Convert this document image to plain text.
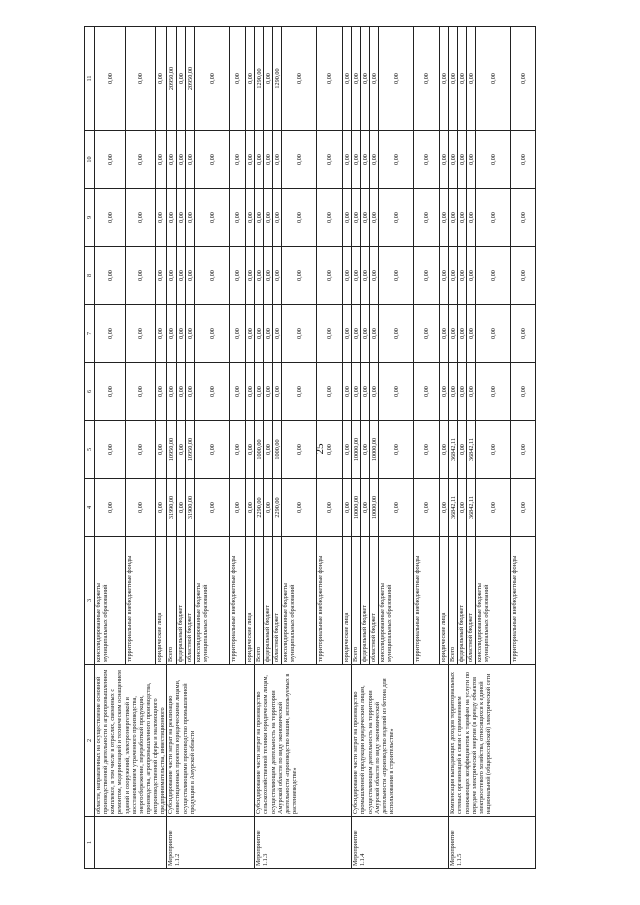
25
1	2	3	4	5	6	7	8	9	10	11
	области, направленных на осуществление основной производственной деятельности в агропромышленном комплексе, в том числе в отраслях, связанных с ремонтом, модернизацией и техническим оснащением зданий и сооружений, электроэнергетикой и восстановлением утраченного производства, энергосбережение, переработкой продукции, производства, агропромышленного производства, непроизводственной сферы и маломощного предпринимательства, инвестиционного	консолидированные бюджеты муниципальных образований	0,00	0,00	0,00	0,00	0,00	0,00	0,00	0,00
		территориальные внебюджетные фонды	0,00	0,00	0,00	0,00	0,00	0,00	0,00	0,00
		юридические лица	0,00	0,00	0,00	0,00	0,00	0,00	0,00	0,00
Мероприятие 1.1.2	Субсидирование части затрат на реализацию инвестиционных проектов юридическими лицами, осуществляющими производство промышленной продукции в Амурской области	Всего	31990,00	10950,00	0,00	0,00	0,00	0,00	0,00	20950,00
		федеральный бюджет	0,00	0,00	0,00	0,00	0,00	0,00	0,00	0,00
		областной бюджет	31900,00	10950,00	0,00	0,00	0,00	0,00	0,00	20950,00
		консолидированные бюджеты муниципальных образований	0,00	0,00	0,00	0,00	0,00	0,00	0,00	0,00
		территориальные внебюджетные фонды	0,00	0,00	0,00	0,00	0,00	0,00	0,00	0,00
		юридические лица	0,00	0,00	0,00	0,00	0,00	0,00	0,00	0,00
Мероприятие 1.1.3	Субсидирование части затрат на производство сельскохозяйственной техники юридическим лицам, осуществляющим деятельность на территории Амурской области по виду экономической деятельности «производство машин, используемых в растениеводстве»	Всего	2290,00	1000,00	0,00	0,00	0,00	0,00	0,00	1290,00
		федеральный бюджет	0,00	0,00	0,00	0,00	0,00	0,00	0,00	0,00
		областной бюджет	2290,00	1000,00	0,00	0,00	0,00	0,00	0,00	1290,00
		консолидированные бюджеты муниципальных образований	0,00	0,00	0,00	0,00	0,00	0,00	0,00	0,00
		территориальные внебюджетные фонды	0,00	0,00	0,00	0,00	0,00	0,00	0,00	0,00
		юридические лица	0,00	0,00	0,00	0,00	0,00	0,00	0,00	0,00
Мероприятие 1.1.4	Субсидирование части затрат на производство промышленной продукции юридическим лицам, осуществляющим деятельность на территории Амурской области по виду экономической деятельности «производство изделий из бетона для использования в строительстве»	Всего	10000,00	10000,00	0,00	0,00	0,00	0,00	0,00	0,00
		федеральный бюджет	0,00	0,00	0,00	0,00	0,00	0,00	0,00	0,00
		областной бюджет	10000,00	10000,00	0,00	0,00	0,00	0,00	0,00	0,00
		консолидированные бюджеты муниципальных образований	0,00	0,00	0,00	0,00	0,00	0,00	0,00	0,00
		территориальные внебюджетные фонды	0,00	0,00	0,00	0,00	0,00	0,00	0,00	0,00
		юридические лица	0,00	0,00	0,00	0,00	0,00	0,00	0,00	0,00
Мероприятие 1.1.5	Компенсация выпадающих доходов территориальных сетевых организаций в связи с применением понижающих коэффициентов к тарифам на услуги по передаче электрической энергии (в аренду объектов электросетевого хозяйства, относящихся к единой национальной (общероссийской) электрической сети	Всего	36842,11	36842,11	0,00	0,00	0,00	0,00	0,00	0,00
		федеральный бюджет	0,00	0,00	0,00	0,00	0,00	0,00	0,00	0,00
		областной бюджет	36842,11	36842,11	0,00	0,00	0,00	0,00	0,00	0,00
		консолидированные бюджеты муниципальных образований	0,00	0,00	0,00	0,00	0,00	0,00	0,00	0,00
		территориальные внебюджетные фонды	0,00	0,00	0,00	0,00	0,00	0,00	0,00	0,00
